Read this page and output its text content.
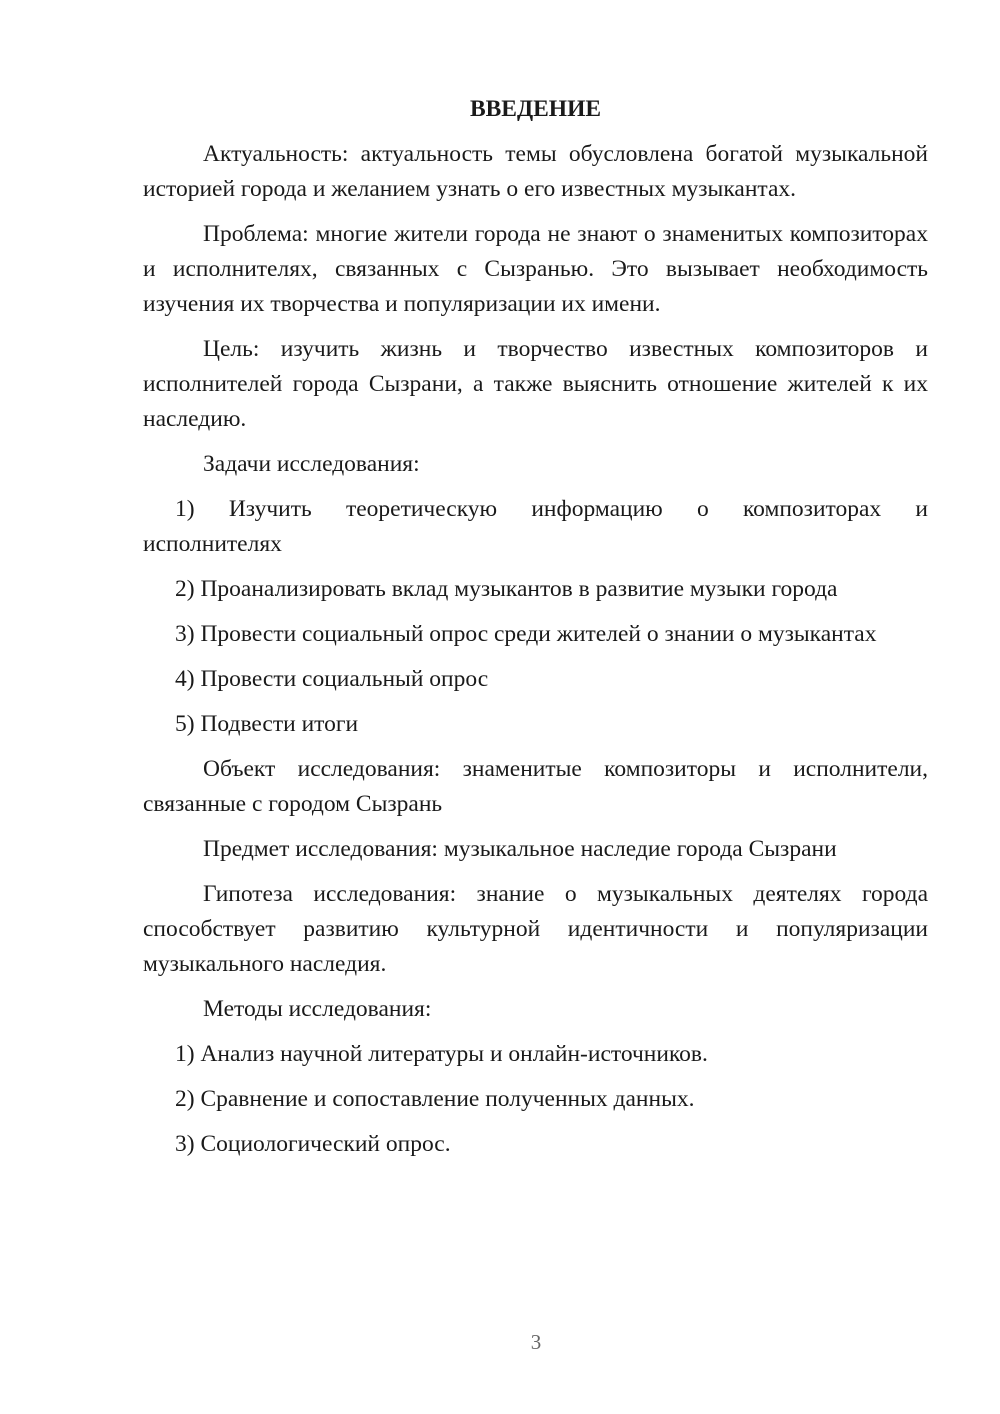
ВВЕДЕНИЕ

Актуальность: актуальность темы обусловлена богатой музыкальной историей города и желанием узнать о его известных музыкантах.

Проблема: многие жители города не знают о знаменитых композиторах и исполнителях, связанных с Сызранью. Это вызывает необходимость изучения их творчества и популяризации их имени.

Цель: изучить жизнь и творчество известных композиторов и исполнителей города Сызрани, а также выяснить отношение жителей к их наследию.

Задачи исследования:

1) Изучить теоретическую информацию о композиторах и исполнителях

2) Проанализировать вклад музыкантов в развитие музыки города

3) Провести социальный опрос среди жителей о знании о музыкантах

4) Провести социальный опрос

5) Подвести итоги

Объект исследования: знаменитые композиторы и исполнители, связанные с городом Сызрань

Предмет исследования: музыкальное наследие города Сызрани

Гипотеза исследования: знание о музыкальных деятелях города способствует развитию культурной идентичности и популяризации музыкального наследия.

Методы исследования:

1) Анализ научной литературы и онлайн-источников.

2) Сравнение и сопоставление полученных данных.

3) Социологический опрос.

3
